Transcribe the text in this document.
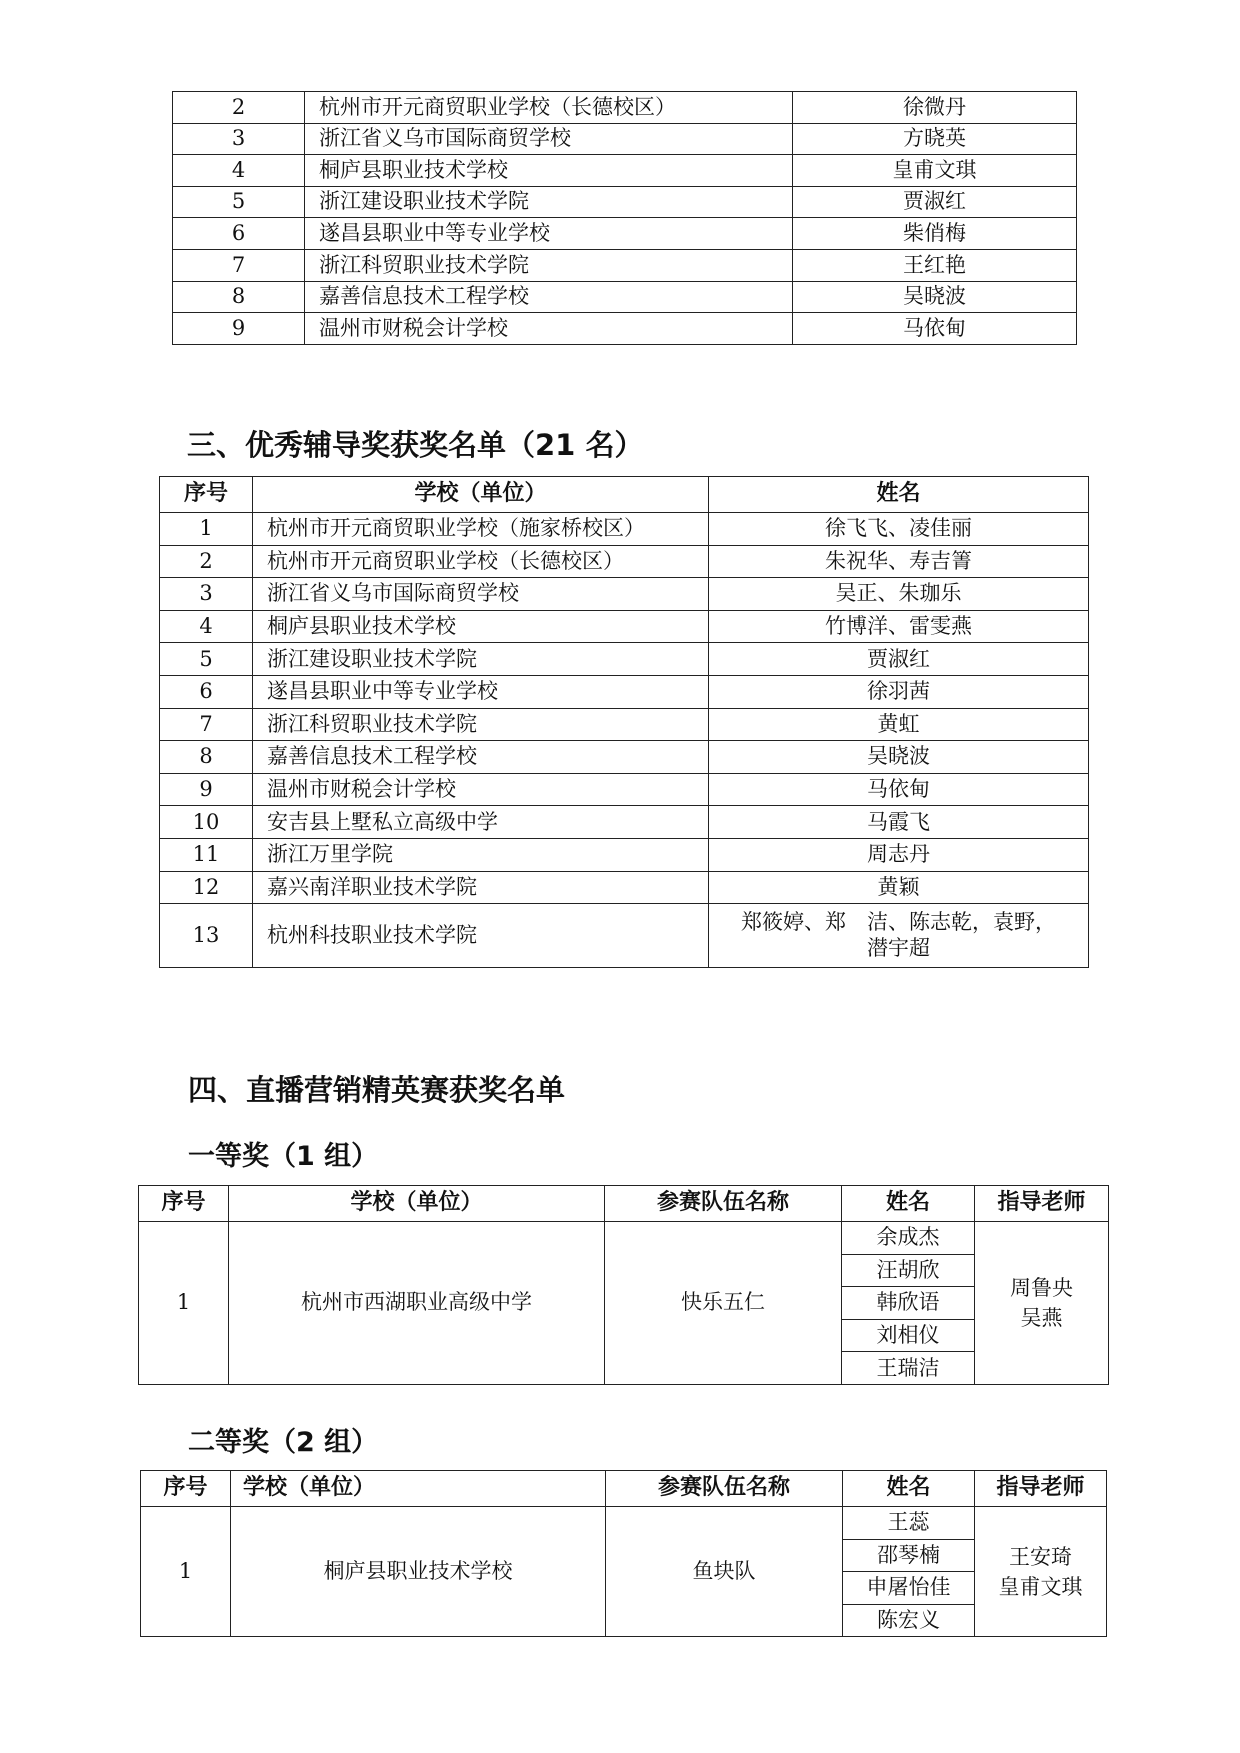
2	杭州市开元商贸职业学校（长德校区）	徐微丹
3	浙江省义乌市国际商贸学校	方晓英
4	桐庐县职业技术学校	皇甫文琪
5	浙江建设职业技术学院	贾淑红
6	遂昌县职业中等专业学校	柴俏梅
7	浙江科贸职业技术学院	王红艳
8	嘉善信息技术工程学校	吴晓波
9	温州市财税会计学校	马依甸
三、优秀辅导奖获奖名单（21 名）
序号	学校（单位）	姓名
1	杭州市开元商贸职业学校（施家桥校区）	徐飞飞、凌佳丽
2	杭州市开元商贸职业学校（长德校区）	朱祝华、寿吉箐
3	浙江省义乌市国际商贸学校	吴正、朱珈乐
4	桐庐县职业技术学校	竹博洋、雷雯燕
5	浙江建设职业技术学院	贾淑红
6	遂昌县职业中等专业学校	徐羽茜
7	浙江科贸职业技术学院	黄虹
8	嘉善信息技术工程学校	吴晓波
9	温州市财税会计学校	马依甸
10	安吉县上墅私立高级中学	马霞飞
11	浙江万里学院	周志丹
12	嘉兴南洋职业技术学院	黄颖
13	杭州科技职业技术学院	郑筱婷、郑　洁、陈志乾，袁野，
潜宇超
四、直播营销精英赛获奖名单
一等奖（1 组）
序号	学校（单位）	参赛队伍名称	姓名	指导老师
1	杭州市西湖职业高级中学	快乐五仁	余成杰	周鲁央
吴燕

			汪胡欣	
			韩欣语	
			刘相仪	
			王瑞洁	
二等奖（2 组）
序号	学校（单位）	参赛队伍名称	姓名	指导老师
1	桐庐县职业技术学校	鱼块队	王蕊	王安琦
皇甫文琪

			邵琴楠	
			申屠怡佳	
			陈宏义	
